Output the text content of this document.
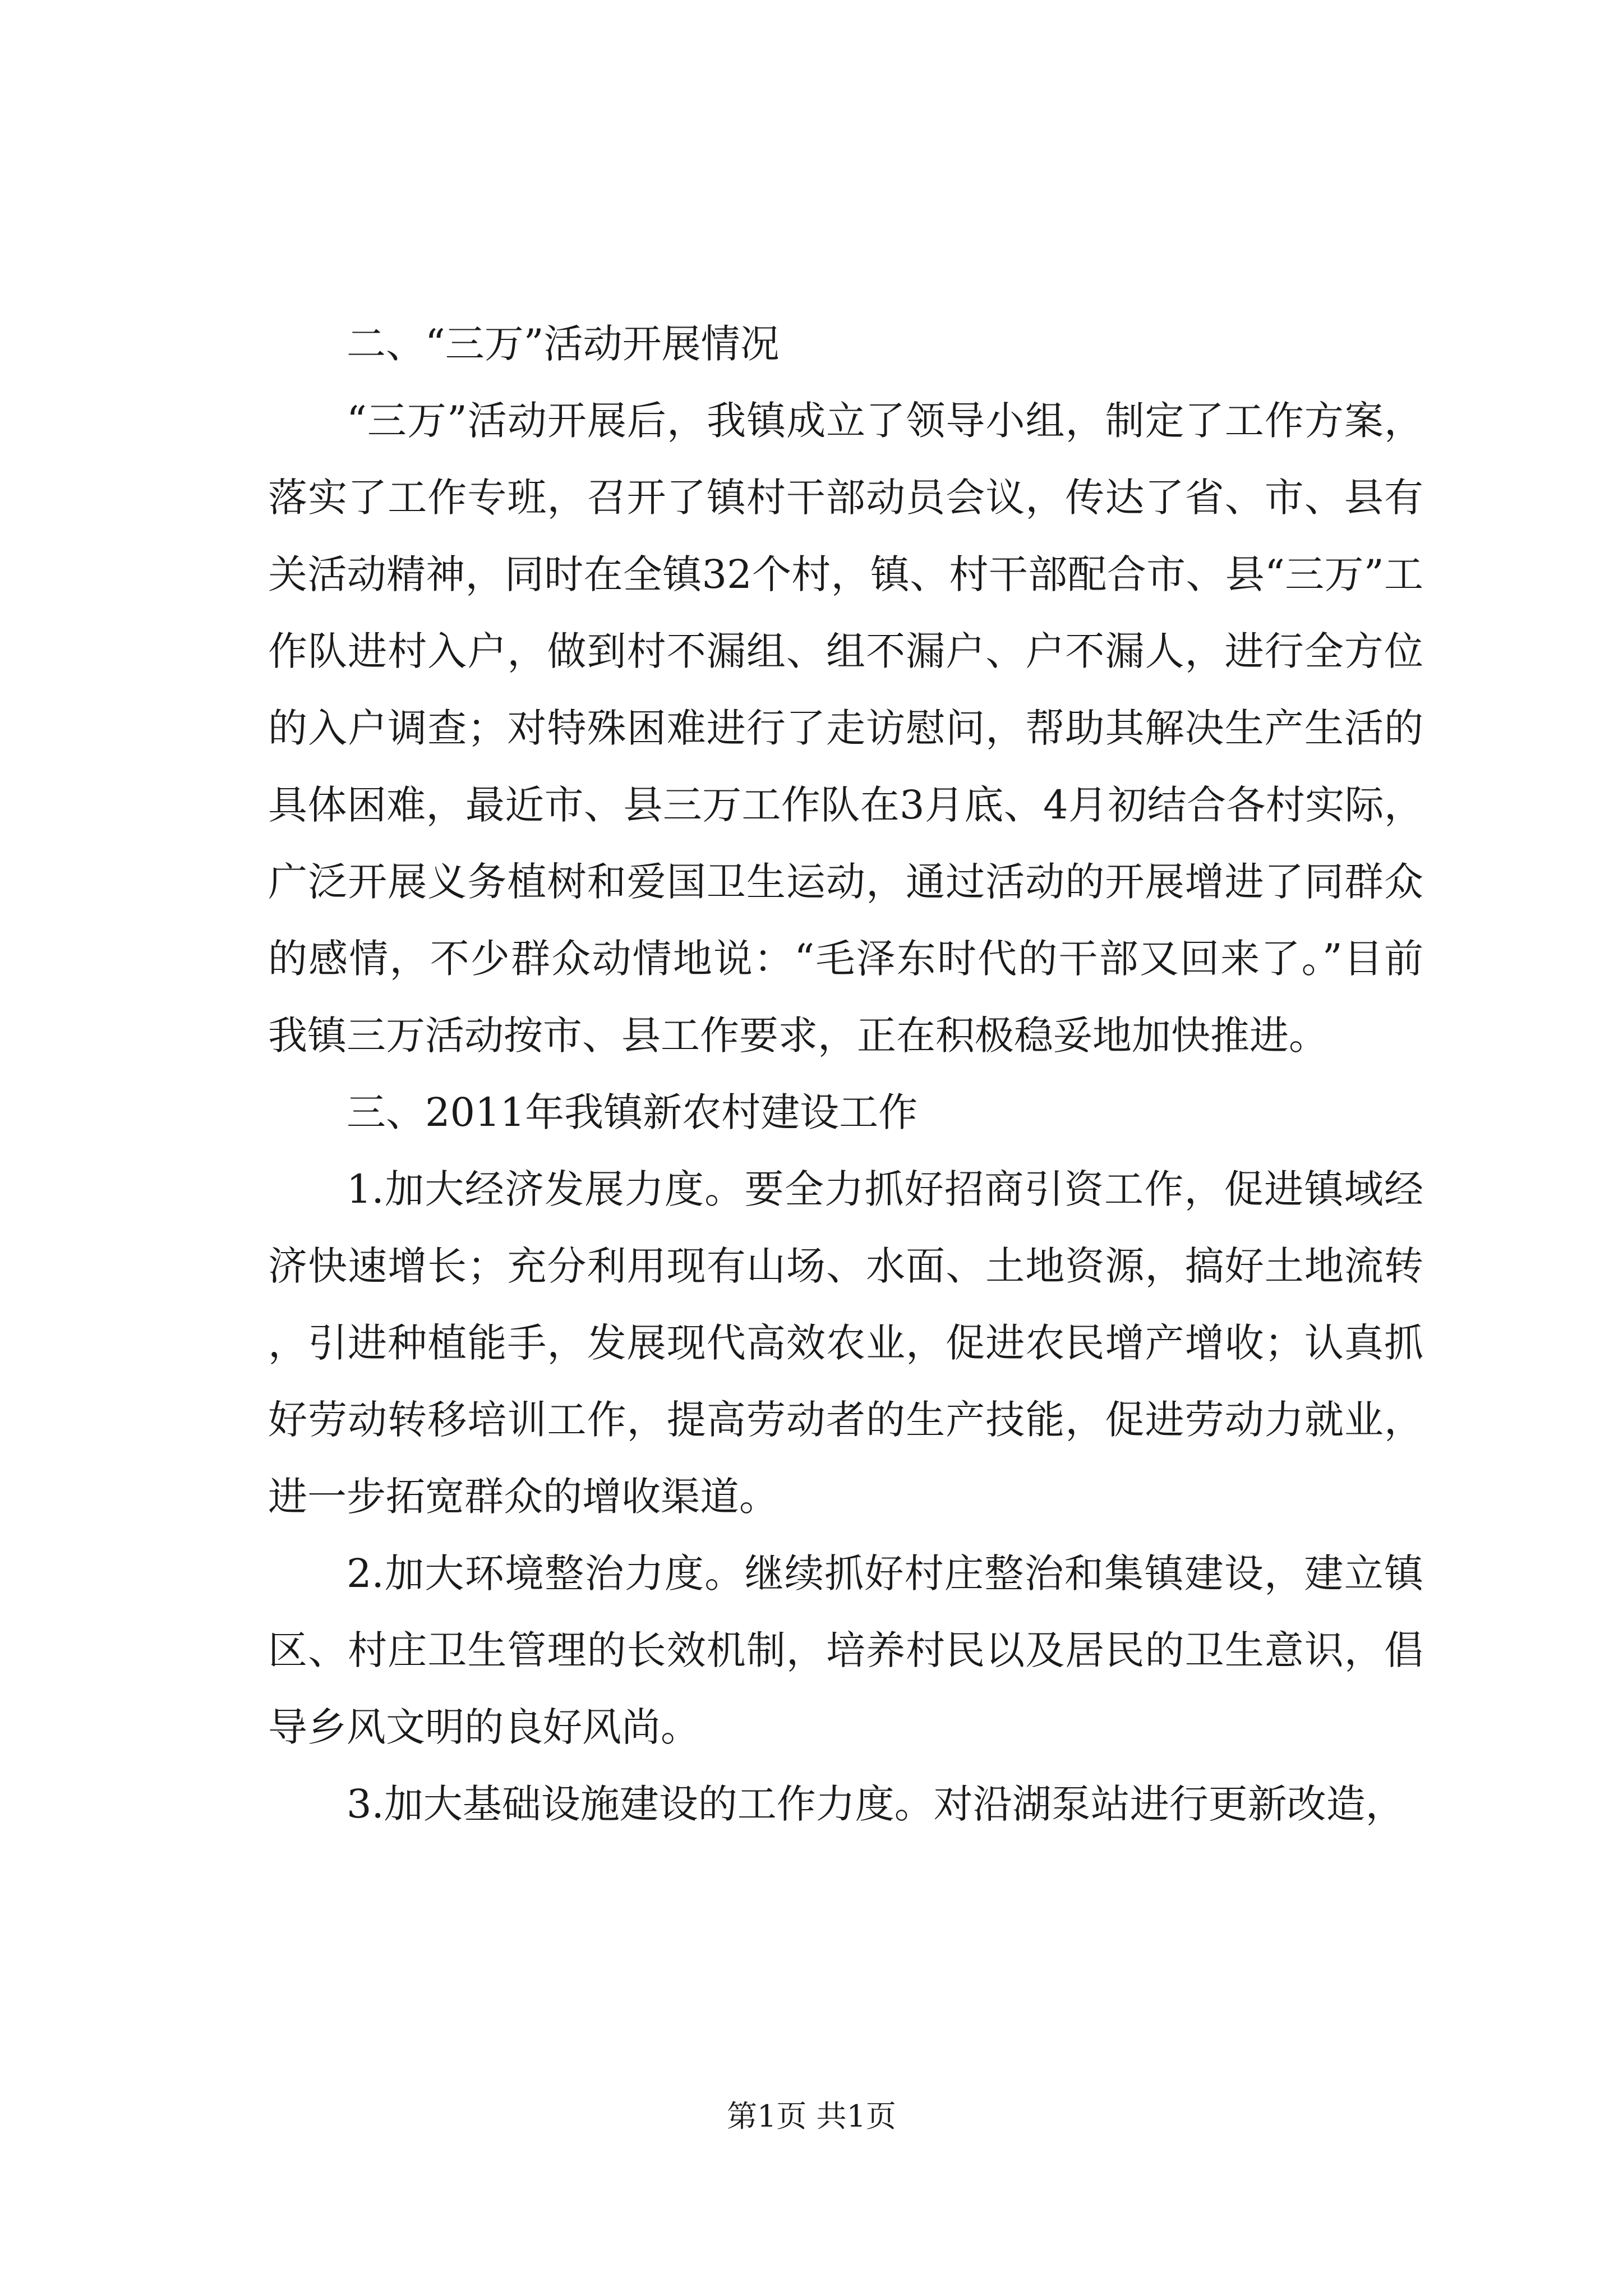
二、“三万”活动开展情况

“三万”活动开展后，我镇成立了领导小组，制定了工作方案，落实了工作专班，召开了镇村干部动员会议，传达了省、市、县有关活动精神，同时在全镇32个村，镇、村干部配合市、县“三万”工作队进村入户，做到村不漏组、组不漏户、户不漏人，进行全方位的入户调查；对特殊困难进行了走访慰问，帮助其解决生产生活的具体困难，最近市、县三万工作队在3月底、4月初结合各村实际，广泛开展义务植树和爱国卫生运动，通过活动的开展增进了同群众的感情，不少群众动情地说：“毛泽东时代的干部又回来了。”目前我镇三万活动按市、县工作要求，正在积极稳妥地加快推进。

三、2011年我镇新农村建设工作

1.加大经济发展力度。要全力抓好招商引资工作，促进镇域经济快速增长；充分利用现有山场、水面、土地资源，搞好土地流转，引进种植能手，发展现代高效农业，促进农民增产增收；认真抓好劳动转移培训工作，提高劳动者的生产技能，促进劳动力就业，进一步拓宽群众的增收渠道。

2.加大环境整治力度。继续抓好村庄整治和集镇建设，建立镇区、村庄卫生管理的长效机制，培养村民以及居民的卫生意识，倡导乡风文明的良好风尚。

3.加大基础设施建设的工作力度。对沿湖泵站进行更新改造，

第1页 共1页
